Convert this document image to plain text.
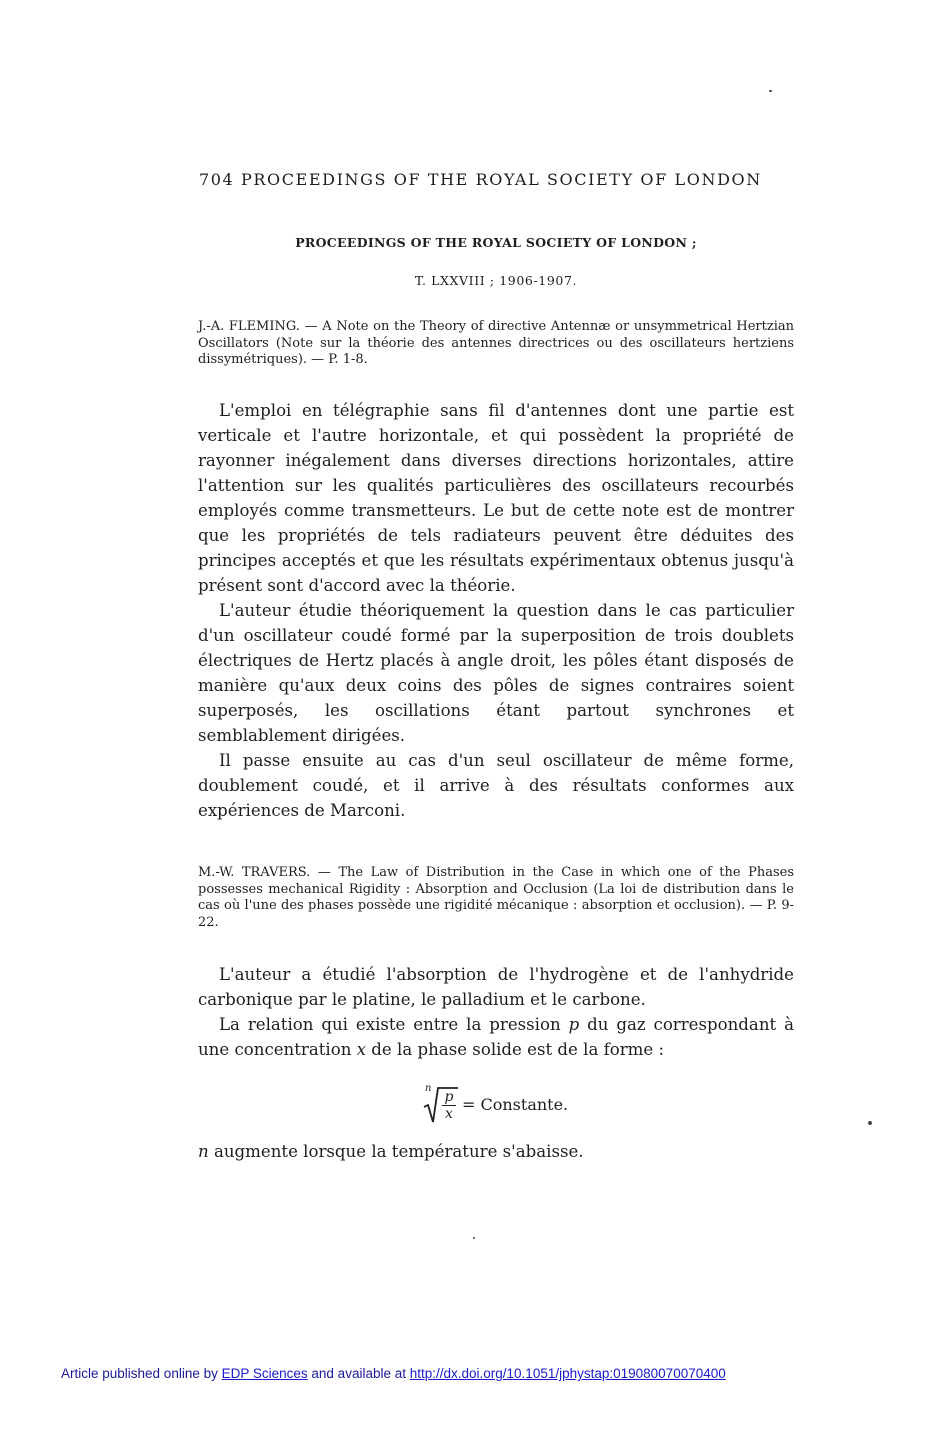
704 PROCEEDINGS OF THE ROYAL SOCIETY OF LONDON
PROCEEDINGS OF THE ROYAL SOCIETY OF LONDON ;
T. LXXVIII ; 1906-1907.
J.-A. FLEMING. — A Note on the Theory of directive Antennæ or unsymmetrical Hertzian Oscillators (Note sur la théorie des antennes directrices ou des oscillateurs hertziens dissymétriques). — P. 1-8.

L'emploi en télégraphie sans fil d'antennes dont une partie est verticale et l'autre horizontale, et qui possèdent la propriété de rayonner inégalement dans diverses directions horizontales, attire l'attention sur les qualités particulières des oscillateurs recourbés employés comme transmetteurs. Le but de cette note est de montrer que les propriétés de tels radiateurs peuvent être déduites des principes acceptés et que les résultats expérimentaux obtenus jusqu'à présent sont d'accord avec la théorie.

L'auteur étudie théoriquement la question dans le cas particulier d'un oscillateur coudé formé par la superposition de trois doublets électriques de Hertz placés à angle droit, les pôles étant disposés de manière qu'aux deux coins des pôles de signes contraires soient superposés, les oscillations étant partout synchrones et semblablement dirigées.

Il passe ensuite au cas d'un seul oscillateur de même forme, doublement coudé, et il arrive à des résultats conformes aux expériences de Marconi.

M.-W. TRAVERS. — The Law of Distribution in the Case in which one of the Phases possesses mechanical Rigidity : Absorption and Occlusion (La loi de distribution dans le cas où l'une des phases possède une rigidité mécanique : absorption et occlusion). — P. 9-22.

L'auteur a étudié l'absorption de l'hydrogène et de l'anhydride carbonique par le platine, le palladium et le carbone.

La relation qui existe entre la pression p du gaz correspondant à une concentration x de la phase solide est de la forme :

n
$\frac{p}{x}$ = Constante.
n augmente lorsque la température s'abaisse.
Article published online by EDP Sciences and available at http://dx.doi.org/10.1051/jphystap:019080070070400
